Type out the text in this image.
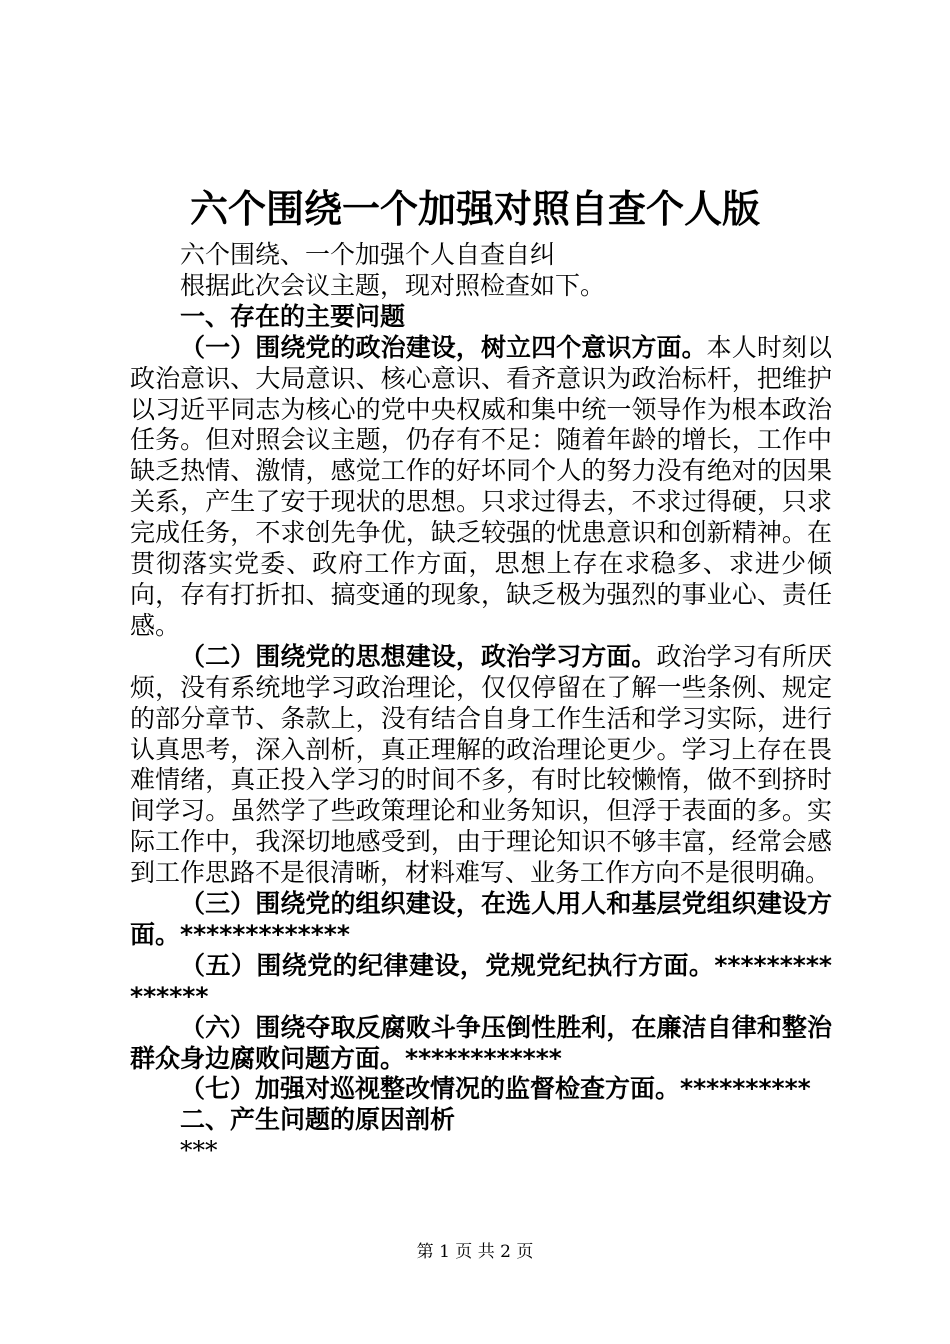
六个围绕一个加强对照自查个人版

六个围绕、一个加强个人自查自纠

根据此次会议主题，现对照检查如下。

一、存在的主要问题

（一）围绕党的政治建设，树立四个意识方面。本人时刻以政治意识、大局意识、核心意识、看齐意识为政治标杆，把维护以习近平同志为核心的党中央权威和集中统一领导作为根本政治任务。但对照会议主题，仍存有不足：随着年龄的增长，工作中缺乏热情、激情，感觉工作的好坏同个人的努力没有绝对的因果关系，产生了安于现状的思想。只求过得去，不求过得硬，只求完成任务，不求创先争优，缺乏较强的忧患意识和创新精神。在贯彻落实党委、政府工作方面，思想上存在求稳多、求进少倾向，存有打折扣、搞变通的现象，缺乏极为强烈的事业心、责任感。

（二）围绕党的思想建设，政治学习方面。政治学习有所厌烦，没有系统地学习政治理论，仅仅停留在了解一些条例、规定的部分章节、条款上，没有结合自身工作生活和学习实际，进行认真思考，深入剖析，真正理解的政治理论更少。学习上存在畏难情绪，真正投入学习的时间不多，有时比较懒惰，做不到挤时间学习。虽然学了些政策理论和业务知识，但浮于表面的多。实际工作中，我深切地感受到，由于理论知识不够丰富，经常会感到工作思路不是很清晰，材料难写、业务工作方向不是很明确。

（三）围绕党的组织建设，在选人用人和基层党组织建设方面。*************

（五）围绕党的纪律建设，党规党纪执行方面。***************

（六）围绕夺取反腐败斗争压倒性胜利，在廉洁自律和整治群众身边腐败问题方面。************

（七）加强对巡视整改情况的监督检查方面。**********

二、产生问题的原因剖析

***

第 1 页 共 2 页
